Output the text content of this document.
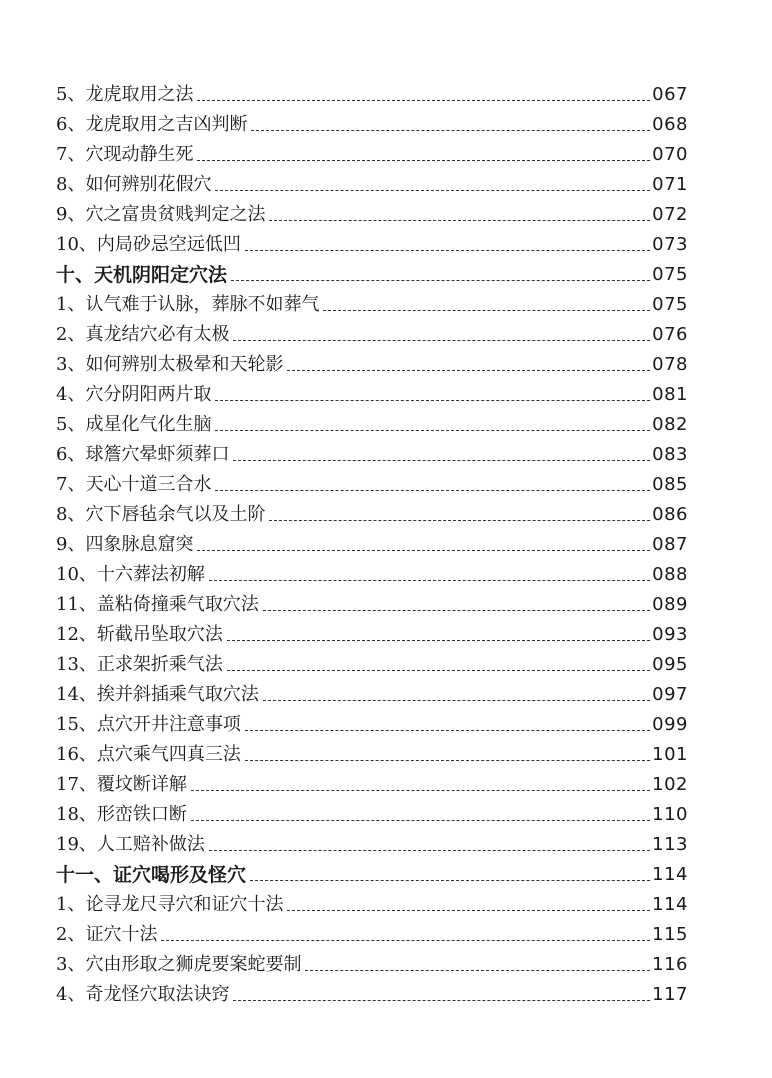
5、龙虎取用之法	067
6、龙虎取用之吉凶判断	068
7、穴现动静生死	070
8、如何辨别花假穴	071
9、穴之富贵贫贱判定之法	072
10、内局砂忌空远低凹	073
十、天机阴阳定穴法	075
1、认气难于认脉，葬脉不如葬气	075
2、真龙结穴必有太极	076
3、如何辨别太极晕和天轮影	078
4、穴分阴阳两片取	081
5、成星化气化生脑	082
6、球簷穴晕虾须葬口	083
7、天心十道三合水	085
8、穴下唇毡余气以及土阶	086
9、四象脉息窟突	087
10、十六葬法初解	088
11、盖粘倚撞乘气取穴法	089
12、斩截吊坠取穴法	093
13、正求架折乘气法	095
14、挨并斜插乘气取穴法	097
15、点穴开井注意事项	099
16、点穴乘气四真三法	101
17、覆坟断详解	102
18、形峦铁口断	110
19、人工赔补做法	113
十一、证穴喝形及怪穴	114
1、论寻龙尺寻穴和证穴十法	114
2、证穴十法	115
3、穴由形取之狮虎要案蛇要制	116
4、奇龙怪穴取法诀窍	117
